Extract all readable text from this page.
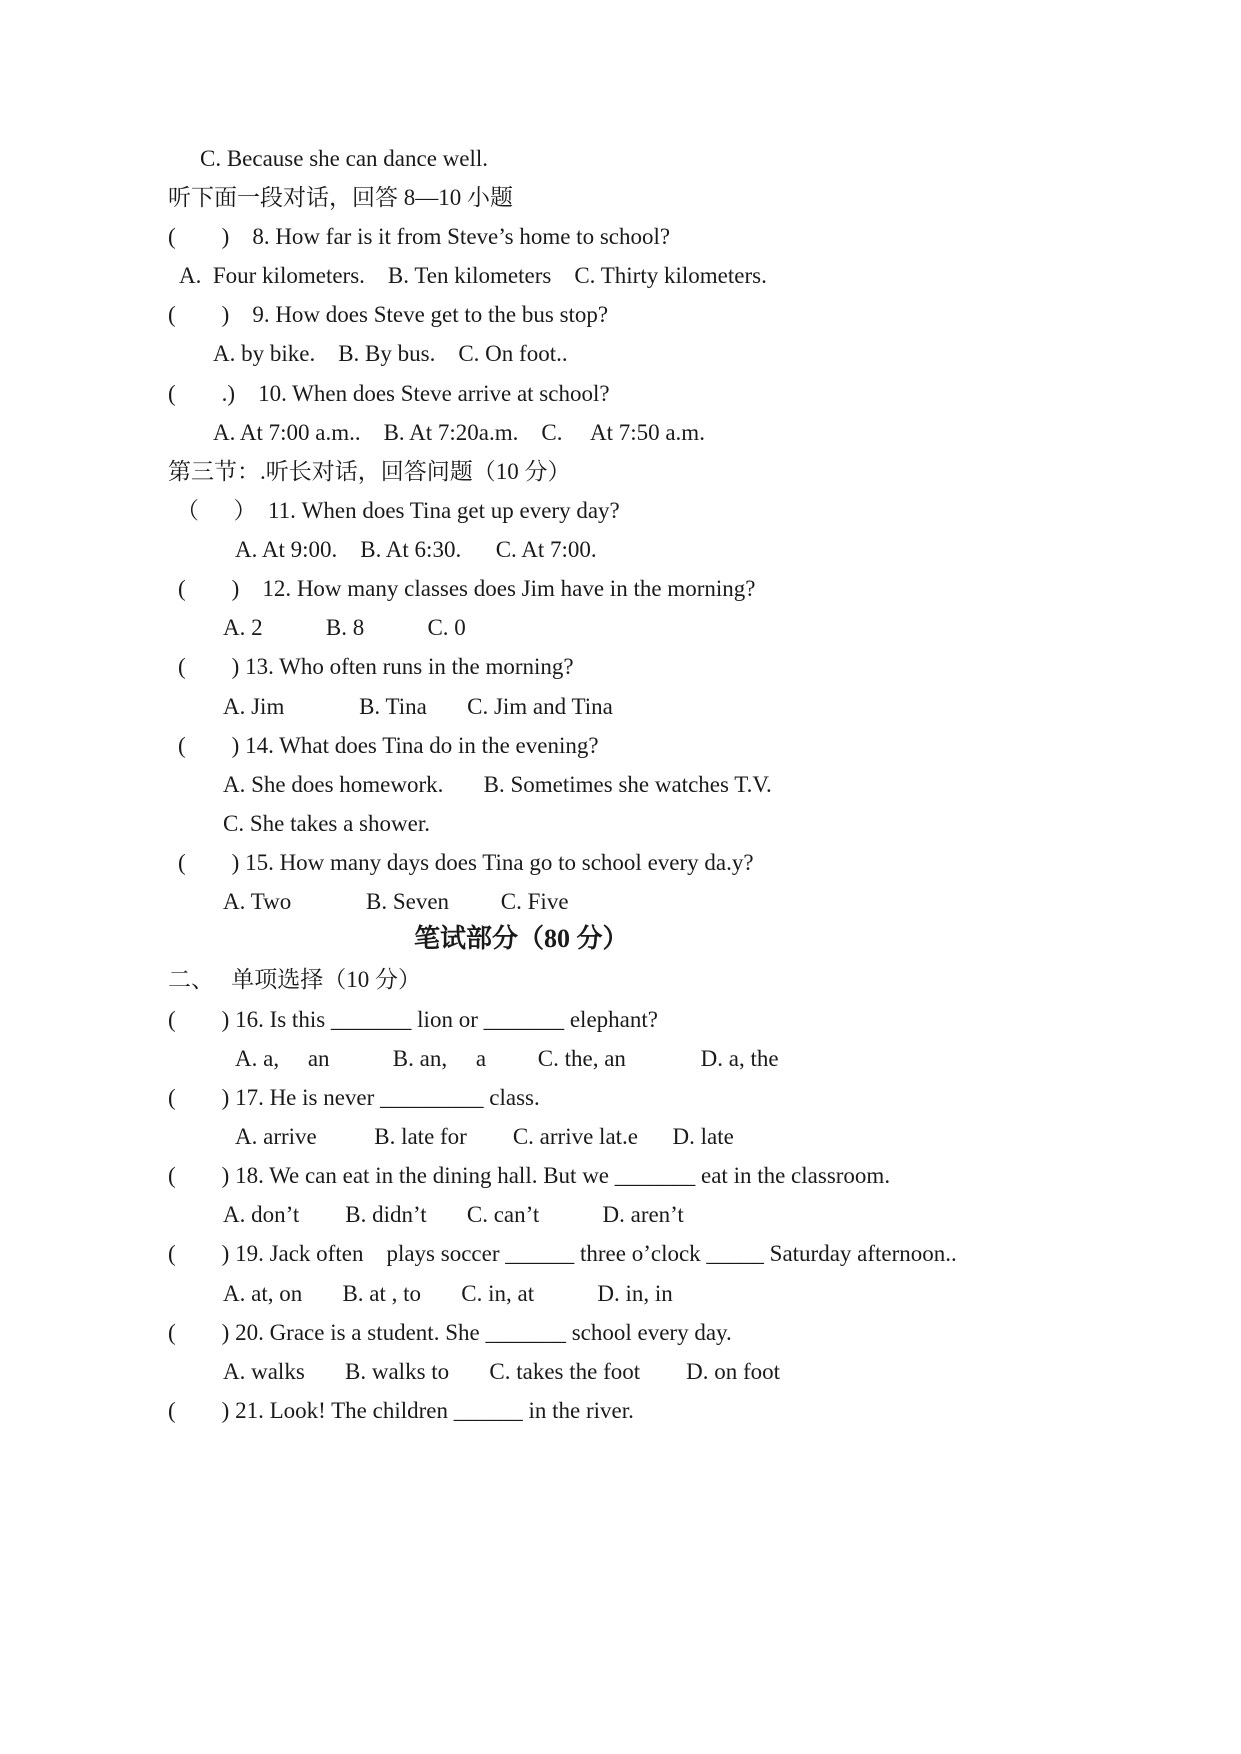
C. Because she can dance well.
听下面一段对话，回答 8—10 小题
(        )    8. How far is it from Steve’s home to school?
A.  Four kilometers.    B. Ten kilometers    C. Thirty kilometers.
(        )    9. How does Steve get to the bus stop?
A. by bike.    B. By bus.    C. On foot..
(        .)    10. When does Steve arrive at school?
A. At 7:00 a.m..    B. At 7:20a.m.    C.     At 7:50 a.m.
第三节：.听长对话，回答问题（10 分）
（      ）  11. When does Tina get up every day?
A. At 9:00.    B. At 6:30.      C. At 7:00.
(        )    12. How many classes does Jim have in the morning?
A. 2           B. 8           C. 0
(        ) 13. Who often runs in the morning?
A. Jim             B. Tina       C. Jim and Tina
(        ) 14. What does Tina do in the evening?
A. She does homework.       B. Sometimes she watches T.V.
C. She takes a shower.
(        ) 15. How many days does Tina go to school every da.y?
A. Two             B. Seven         C. Five
笔试部分（80 分）
二、   单项选择（10 分）
(        ) 16. Is this _______ lion or _______ elephant?
A. a,     an           B. an,     a         C. the, an             D. a, the
(        ) 17. He is never _________ class.
A. arrive          B. late for        C. arrive lat.e      D. late
(        ) 18. We can eat in the dining hall. But we _______ eat in the classroom.
A. don’t        B. didn’t       C. can’t           D. aren’t
(        ) 19. Jack often    plays soccer ______ three o’clock _____ Saturday afternoon..
A. at, on       B. at , to       C. in, at           D. in, in
(        ) 20. Grace is a student. She _______ school every day.
A. walks       B. walks to       C. takes the foot        D. on foot
(        ) 21. Look! The children ______ in the river.
